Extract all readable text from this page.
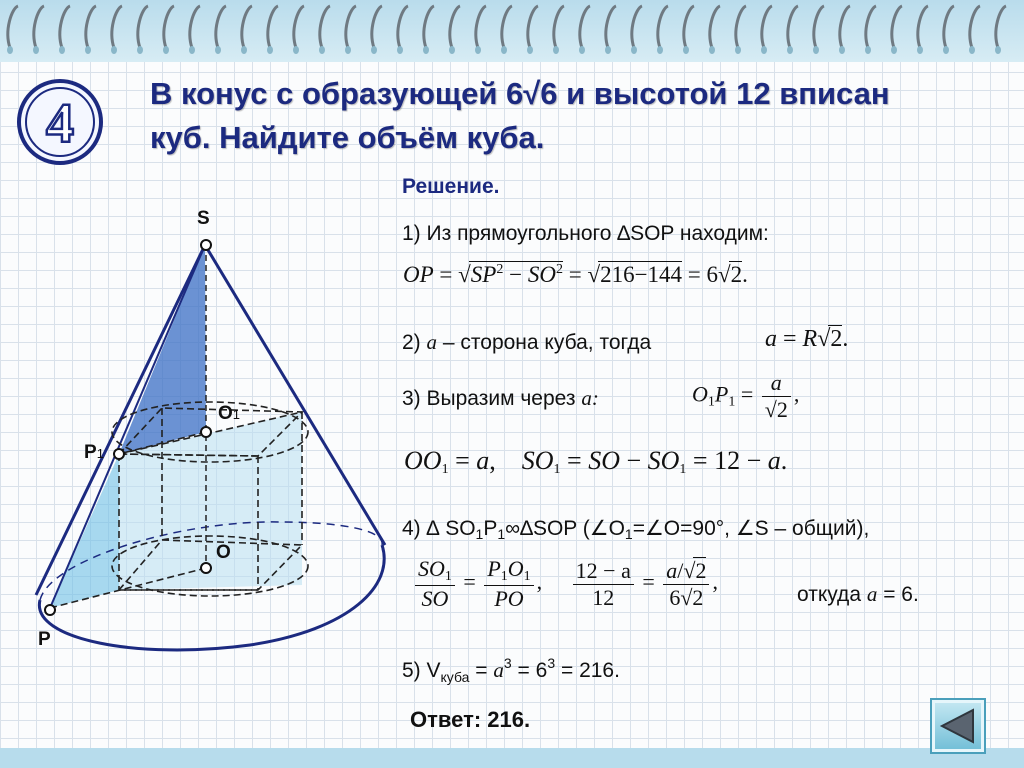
4 В конус с образующей 6√6 и высотой 12 вписан
куб. Найдите объём куба.
S
O1
P1
O
P
Решение.
1) Из прямоугольного ∆SOP находим:
OP = $√SP^2 - SO^2 = √216-144 = 6√2$.
2) a – сторона куба, тогда	a = R√2.
3) Выразим через a:	$O_1P_1 = \frac{a}{√2}$ ,
$OO_1 = a$, $SO_1$ = SO − $SO_1 = 12 - a$.
4) ∆ $SO_1P_1\infty\Delta SOP$ ($\angle O_1=\angle O=90^\circ$, ∠S – общий),
$\frac{SO_1}{SO} = \frac{P_1O_1}{PO}$ , $\frac{12 - a}{12} = \frac{a/√2}{6√2}$ ,
откуда a = 6.
5) $V_{куба} = a^3 = 6^3 = 216$.
Ответ: 216.
